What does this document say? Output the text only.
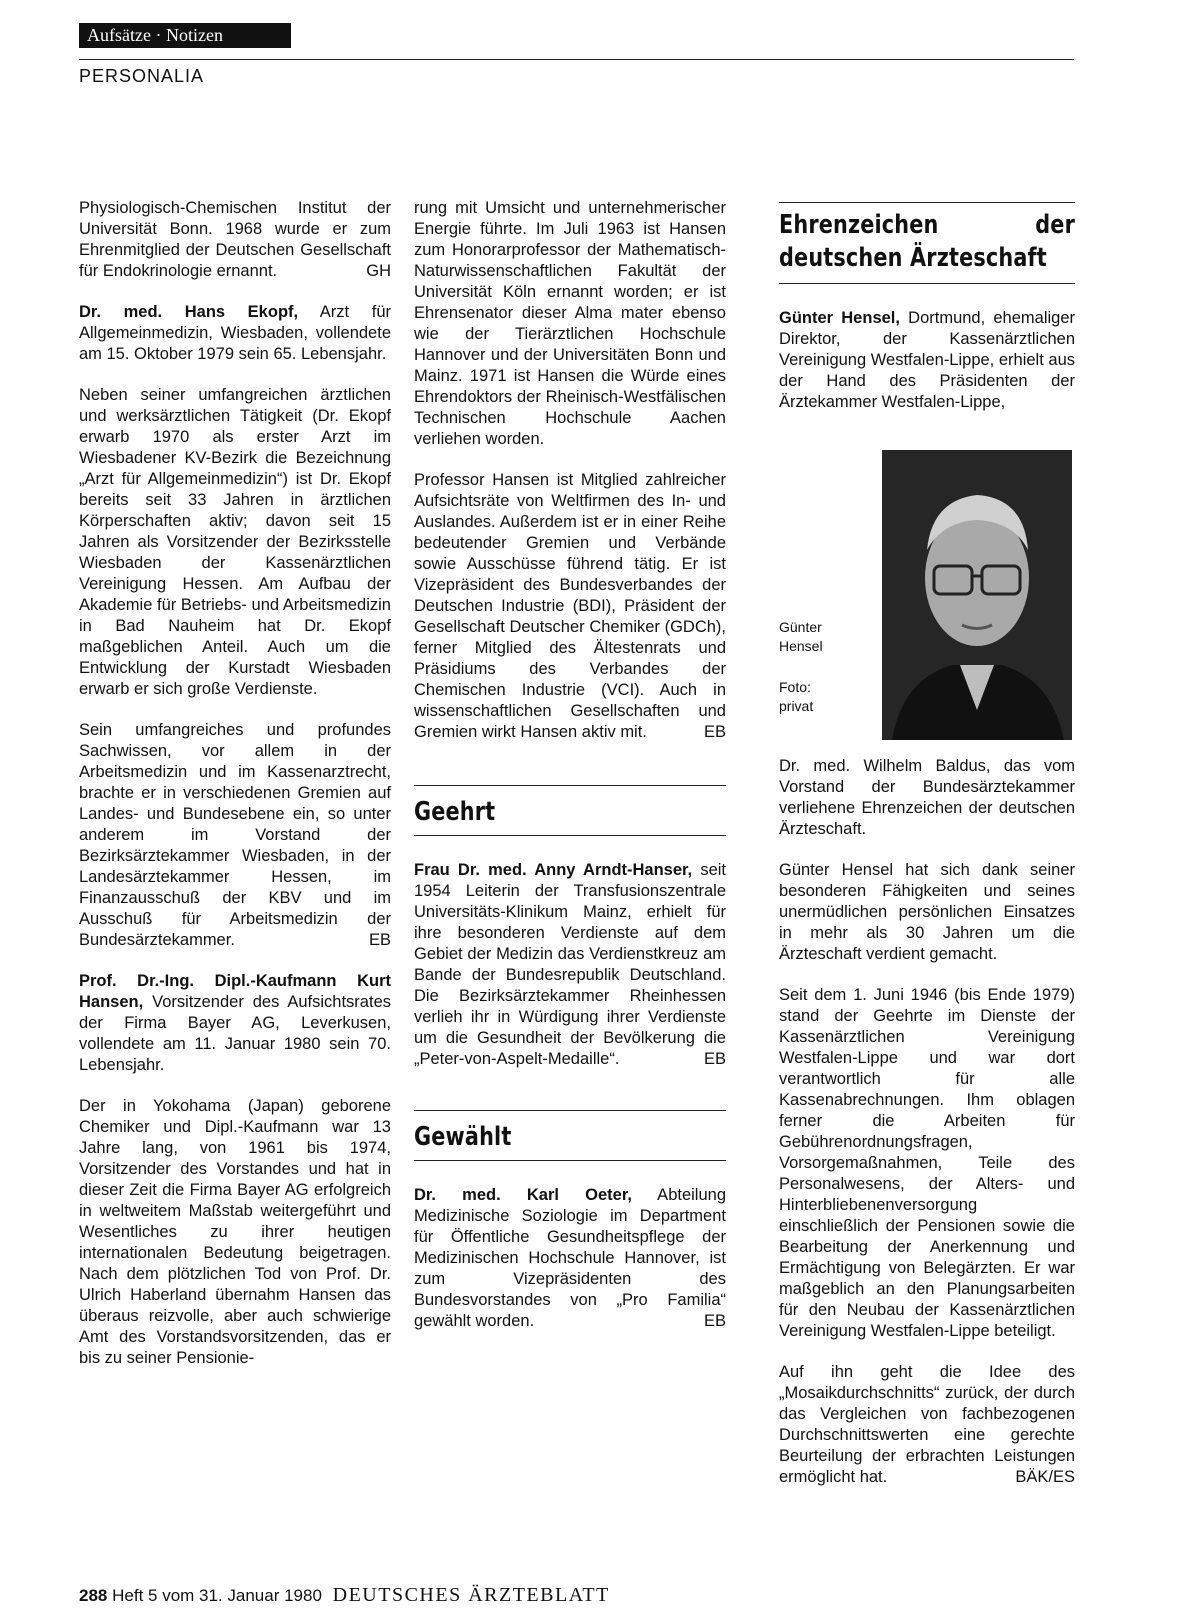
Aufsätze · Notizen
PERSONALIA

Physiologisch-Chemischen Institut der Universität Bonn. 1968 wurde er zum Ehrenmitglied der Deutschen Gesellschaft für Endokrinologie ernannt.	GH

Dr. med. Hans Ekopf, Arzt für Allgemeinmedizin, Wiesbaden, vollendete am 15. Oktober 1979 sein 65. Lebensjahr.

Neben seiner umfangreichen ärztlichen und werksärztlichen Tätigkeit (Dr. Ekopf erwarb 1970 als erster Arzt im Wiesbadener KV-Bezirk die Bezeichnung „Arzt für Allgemeinmedizin“) ist Dr. Ekopf bereits seit 33 Jahren in ärztlichen Körperschaften aktiv; davon seit 15 Jahren als Vorsitzender der Bezirksstelle Wiesbaden der Kassenärztlichen Vereinigung Hessen. Am Aufbau der Akademie für Betriebs- und Arbeitsmedizin in Bad Nauheim hat Dr. Ekopf maßgeblichen Anteil. Auch um die Entwicklung der Kurstadt Wiesbaden erwarb er sich große Verdienste.

Sein umfangreiches und profundes Sachwissen, vor allem in der Arbeitsmedizin und im Kassenarztrecht, brachte er in verschiedenen Gremien auf Landes- und Bundesebene ein, so unter anderem im Vorstand der Bezirksärztekammer Wiesbaden, in der Landesärztekammer Hessen, im Finanzausschuß der KBV und im Ausschuß für Arbeitsmedizin der Bundesärztekammer.	EB

Prof. Dr.-Ing. Dipl.-Kaufmann Kurt Hansen, Vorsitzender des Aufsichtsrates der Firma Bayer AG, Leverkusen, vollendete am 11. Januar 1980 sein 70. Lebensjahr.

Der in Yokohama (Japan) geborene Chemiker und Dipl.-Kaufmann war 13 Jahre lang, von 1961 bis 1974, Vorsitzender des Vorstandes und hat in dieser Zeit die Firma Bayer AG erfolgreich in weltweitem Maßstab weitergeführt und Wesentliches zu ihrer heutigen internationalen Bedeutung beigetragen. Nach dem plötzlichen Tod von Prof. Dr. Ulrich Haberland übernahm Hansen das überaus reizvolle, aber auch schwierige Amt des Vorstandsvorsitzenden, das er bis zu seiner Pensionie-

rung mit Umsicht und unternehmerischer Energie führte. Im Juli 1963 ist Hansen zum Honorarprofessor der Mathematisch-Naturwissenschaftlichen Fakultät der Universität Köln ernannt worden; er ist Ehrensenator dieser Alma mater ebenso wie der Tierärztlichen Hochschule Hannover und der Universitäten Bonn und Mainz. 1971 ist Hansen die Würde eines Ehrendoktors der Rheinisch-Westfälischen Technischen Hochschule Aachen verliehen worden.

Professor Hansen ist Mitglied zahlreicher Aufsichtsräte von Weltfirmen des In- und Auslandes. Außerdem ist er in einer Reihe bedeutender Gremien und Verbände sowie Ausschüsse führend tätig. Er ist Vizepräsident des Bundesverbandes der Deutschen Industrie (BDI), Präsident der Gesellschaft Deutscher Chemiker (GDCh), ferner Mitglied des Ältestenrats und Präsidiums des Verbandes der Chemischen Industrie (VCI). Auch in wissenschaftlichen Gesellschaften und Gremien wirkt Hansen aktiv mit.	EB

Geehrt

Frau Dr. med. Anny Arndt-Hanser, seit 1954 Leiterin der Transfusionszentrale Universitäts-Klinikum Mainz, erhielt für ihre besonderen Verdienste auf dem Gebiet der Medizin das Verdienstkreuz am Bande der Bundesrepublik Deutschland. Die Bezirksärztekammer Rheinhessen verlieh ihr in Würdigung ihrer Verdienste um die Gesundheit der Bevölkerung die „Peter-von-Aspelt-Medaille“.	EB

Gewählt

Dr. med. Karl Oeter, Abteilung Medizinische Soziologie im Department für Öffentliche Gesundheitspflege der Medizinischen Hochschule Hannover, ist zum Vizepräsidenten des Bundesvorstandes von „Pro Familia“ gewählt worden.	EB

Ehrenzeichen der deutschen Ärzteschaft

Günter Hensel, Dortmund, ehemaliger Direktor, der Kassenärztlichen Vereinigung Westfalen-Lippe, erhielt aus der Hand des Präsidenten der Ärztekammer Westfalen-Lippe,

Günter Hensel
Foto: privat

Dr. med. Wilhelm Baldus, das vom Vorstand der Bundesärztekammer verliehene Ehrenzeichen der deutschen Ärzteschaft.

Günter Hensel hat sich dank seiner besonderen Fähigkeiten und seines unermüdlichen persönlichen Einsatzes in mehr als 30 Jahren um die Ärzteschaft verdient gemacht.

Seit dem 1. Juni 1946 (bis Ende 1979) stand der Geehrte im Dienste der Kassenärztlichen Vereinigung Westfalen-Lippe und war dort verantwortlich für alle Kassenabrechnungen. Ihm oblagen ferner die Arbeiten für Gebührenordnungsfragen, Vorsorgemaßnahmen, Teile des Personalwesens, der Alters- und Hinterbliebenenversorgung einschließlich der Pensionen sowie die Bearbeitung der Anerkennung und Ermächtigung von Belegärzten. Er war maßgeblich an den Planungsarbeiten für den Neubau der Kassenärztlichen Vereinigung Westfalen-Lippe beteiligt.

Auf ihn geht die Idee des „Mosaikdurchschnitts“ zurück, der durch das Vergleichen von fachbezogenen Durchschnittswerten eine gerechte Beurteilung der erbrachten Leistungen ermöglicht hat.	BÄK/ES

288 Heft 5 vom 31. Januar 1980 DEUTSCHES ÄRZTEBLATT
